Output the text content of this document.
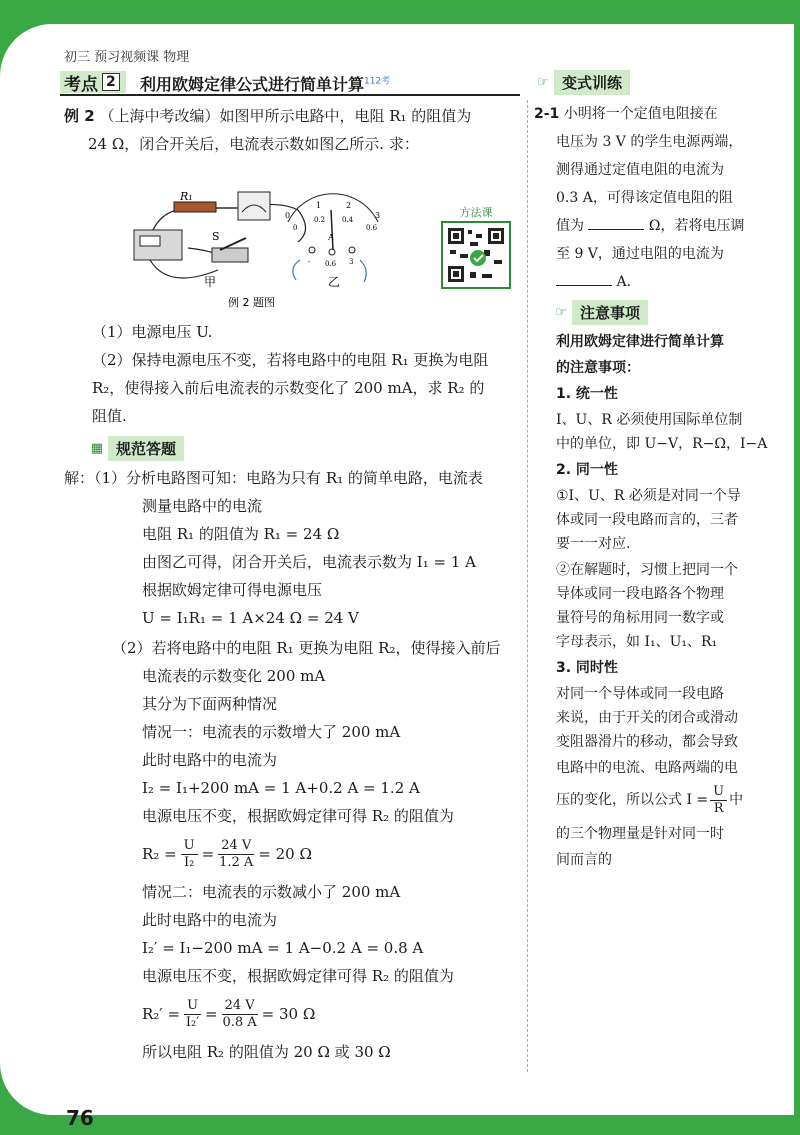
初三 预习视频课 物理
考点 2 利用欧姆定律公式进行简单计算$^{112考}$
例 2 （上海中考改编）如图甲所示电路中，电阻 R₁ 的阻值为
24 Ω，闭合开关后，电流表示数如图乙所示. 求：
S
R₁
甲
0
1	2
3
0
0.2 0.4
0.6
A
- 0.6 3
乙
例 2 题图
方法课
（1）电源电压 U.
（2）保持电源电压不变，若将电路中的电阻 R₁ 更换为电阻
R₂，使得接入前后电流表的示数变化了 200 mA，求 R₂ 的
阻值.
▦ 规范答题
解：（1）分析电路图可知：电路为只有 R₁ 的简单电路，电流表
测量电路中的电流
电阻 R₁ 的阻值为 R₁ = 24 Ω
由图乙可得，闭合开关后，电流表示数为 I₁ = 1 A
根据欧姆定律可得电源电压
U = I₁R₁ = 1 A×24 Ω = 24 V
（2）若将电路中的电阻 R₁ 更换为电阻 R₂，使得接入前后
电流表的示数变化 200 mA
其分为下面两种情况
情况一：电流表的示数增大了 200 mA
此时电路中的电流为
I₂ = I₁+200 mA = 1 A+0.2 A = 1.2 A
电源电压不变，根据欧姆定律可得 R₂ 的阻值为
$R_2 = \frac{U}{\text{I₂}} = \frac{24 V}{1.2 A} = 20$ Ω
情况二：电流表的示数减小了 200 mA
此时电路中的电流为
I₂′ = I₁−200 mA = 1 A−0.2 A = 0.8 A
电源电压不变，根据欧姆定律可得 R₂ 的阻值为
$R_2' = \frac{U}{\text{I₂′}} = \frac{24 V}{0.8 A} = 30$ Ω
所以电阻 R₂ 的阻值为 20 Ω 或 30 Ω
☞ 变式训练
2-1 小明将一个定值电阻接在
电压为 3 V 的学生电源两端，
测得通过定值电阻的电流为
0.3 A，可得该定值电阻的阻
值为	Ω，若将电压调
至 9 V，通过电阻的电流为
A.
☞ 注意事项
利用欧姆定律进行简单计算
的注意事项：
1. 统一性
I、U、R 必须使用国际单位制
中的单位，即 U−V，R−Ω，I−A
2. 同一性
①I、U、R 必须是对同一个导
体或同一段电路而言的，三者
要一一对应.
②在解题时，习惯上把同一个
导体或同一段电路各个物理
量符号的角标用同一数字或
字母表示，如 I₁、U₁、R₁
3. 同时性
对同一个导体或同一段电路
来说，由于开关的闭合或滑动
变阻器滑片的移动，都会导致
电路中的电流、电路两端的电
压的变化，所以公式 $I = \frac{U}{R}$ 中
的三个物理量是针对同一时
间而言的
76
